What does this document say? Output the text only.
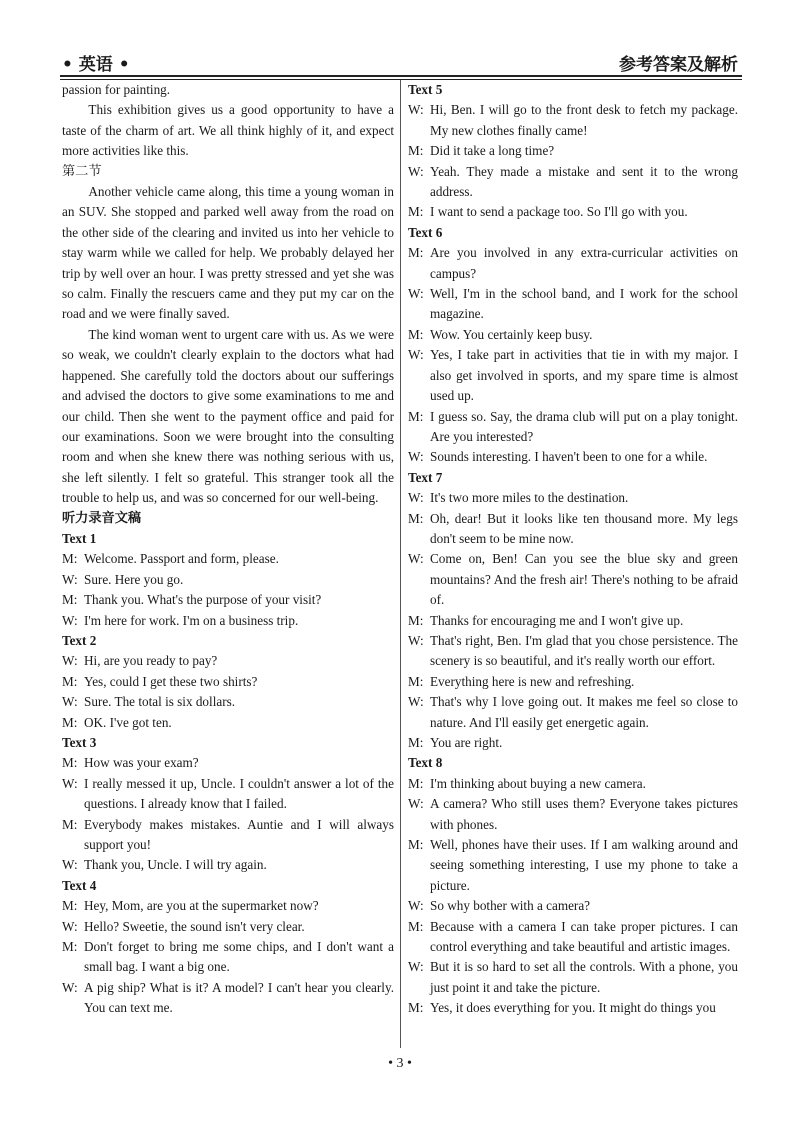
• 英语 •	参考答案及解析

passion for painting.

This exhibition gives us a good opportunity to have a taste of the charm of art. We all think highly of it, and expect more activities like this.

第二节

Another vehicle came along, this time a young woman in an SUV. She stopped and parked well away from the road on the other side of the clearing and invited us into her vehicle to stay warm while we called for help. We probably delayed her trip by well over an hour. I was pretty stressed and yet she was so calm. Finally the rescuers came and they put my car on the road and we were finally saved.

The kind woman went to urgent care with us. As we were so weak, we couldn't clearly explain to the doctors what had happened. She carefully told the doctors about our sufferings and advised the doctors to give some examinations to me and our child. Then she went to the payment office and paid for our examinations. Soon we were brought into the consulting room and when she knew there was nothing serious with us, she left silently. I felt so grateful. This stranger took all the trouble to help us, and was so concerned for our well-being.

听力录音文稿

Text 1

M: Welcome. Passport and form, please.
W: Sure. Here you go.
M: Thank you. What's the purpose of your visit?
W: I'm here for work. I'm on a business trip.

Text 2

W: Hi, are you ready to pay?
M: Yes, could I get these two shirts?
W: Sure. The total is six dollars.
M: OK. I've got ten.

Text 3

M: How was your exam?
W: I really messed it up, Uncle. I couldn't answer a lot of the questions. I already know that I failed.
M: Everybody makes mistakes. Auntie and I will always support you!
W: Thank you, Uncle. I will try again.

Text 4

M: Hey, Mom, are you at the supermarket now?
W: Hello? Sweetie, the sound isn't very clear.
M: Don't forget to bring me some chips, and I don't want a small bag. I want a big one.
W: A pig ship? What is it? A model? I can't hear you clearly. You can text me.

Text 5

W: Hi, Ben. I will go to the front desk to fetch my package. My new clothes finally came!
M: Did it take a long time?
W: Yeah. They made a mistake and sent it to the wrong address.
M: I want to send a package too. So I'll go with you.

Text 6

M: Are you involved in any extra-curricular activities on campus?
W: Well, I'm in the school band, and I work for the school magazine.
M: Wow. You certainly keep busy.
W: Yes, I take part in activities that tie in with my major. I also get involved in sports, and my spare time is almost used up.
M: I guess so. Say, the drama club will put on a play tonight. Are you interested?
W: Sounds interesting. I haven't been to one for a while.

Text 7

W: It's two more miles to the destination.
M: Oh, dear! But it looks like ten thousand more. My legs don't seem to be mine now.
W: Come on, Ben! Can you see the blue sky and green mountains? And the fresh air! There's nothing to be afraid of.
M: Thanks for encouraging me and I won't give up.
W: That's right, Ben. I'm glad that you chose persistence. The scenery is so beautiful, and it's really worth our effort.
M: Everything here is new and refreshing.
W: That's why I love going out. It makes me feel so close to nature. And I'll easily get energetic again.
M: You are right.

Text 8

M: I'm thinking about buying a new camera.
W: A camera? Who still uses them? Everyone takes pictures with phones.
M: Well, phones have their uses. If I am walking around and seeing something interesting, I use my phone to take a picture.
W: So why bother with a camera?
M: Because with a camera I can take proper pictures. I can control everything and take beautiful and artistic images.
W: But it is so hard to set all the controls. With a phone, you just point it and take the picture.
M: Yes, it does everything for you. It might do things you
• 3 •
